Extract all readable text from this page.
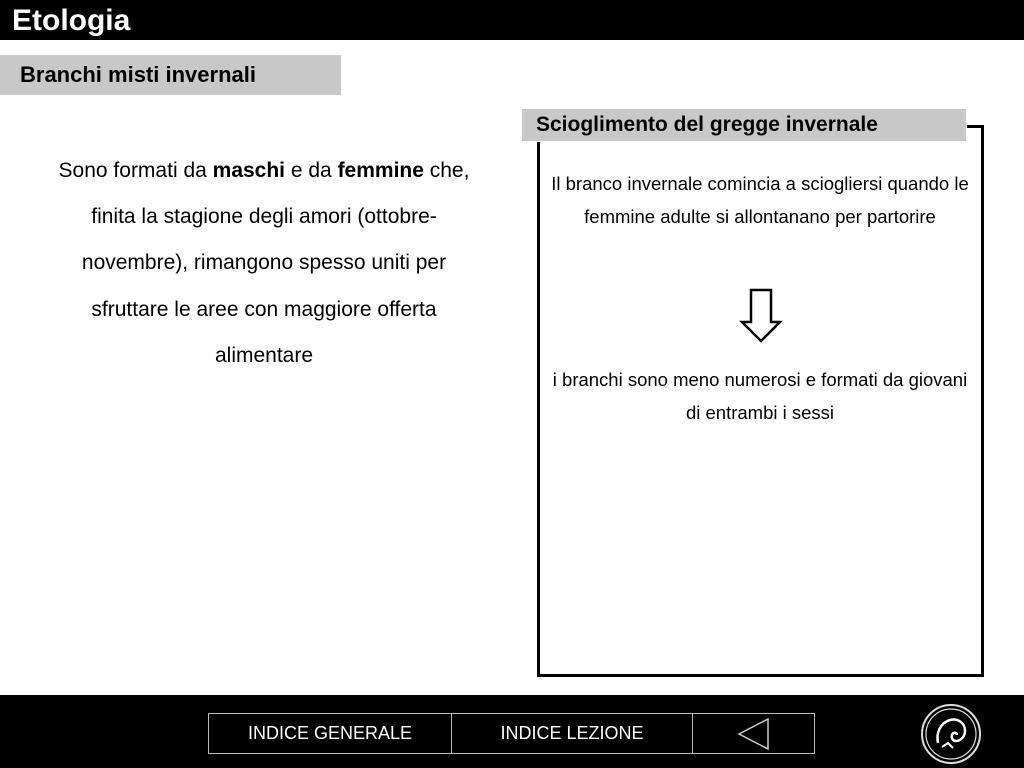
Etologia
Branchi misti invernali
Sono formati da maschi e da femmine che, finita la stagione degli amori (ottobre-novembre), rimangono spesso uniti per sfruttare le aree con maggiore offerta alimentare
Scioglimento del gregge invernale
Il branco invernale comincia a sciogliersi quando le femmine adulte si allontanano per partorire
i branchi sono meno numerosi e formati da giovani di entrambi i sessi
INDICE GENERALE	INDICE LEZIONE
